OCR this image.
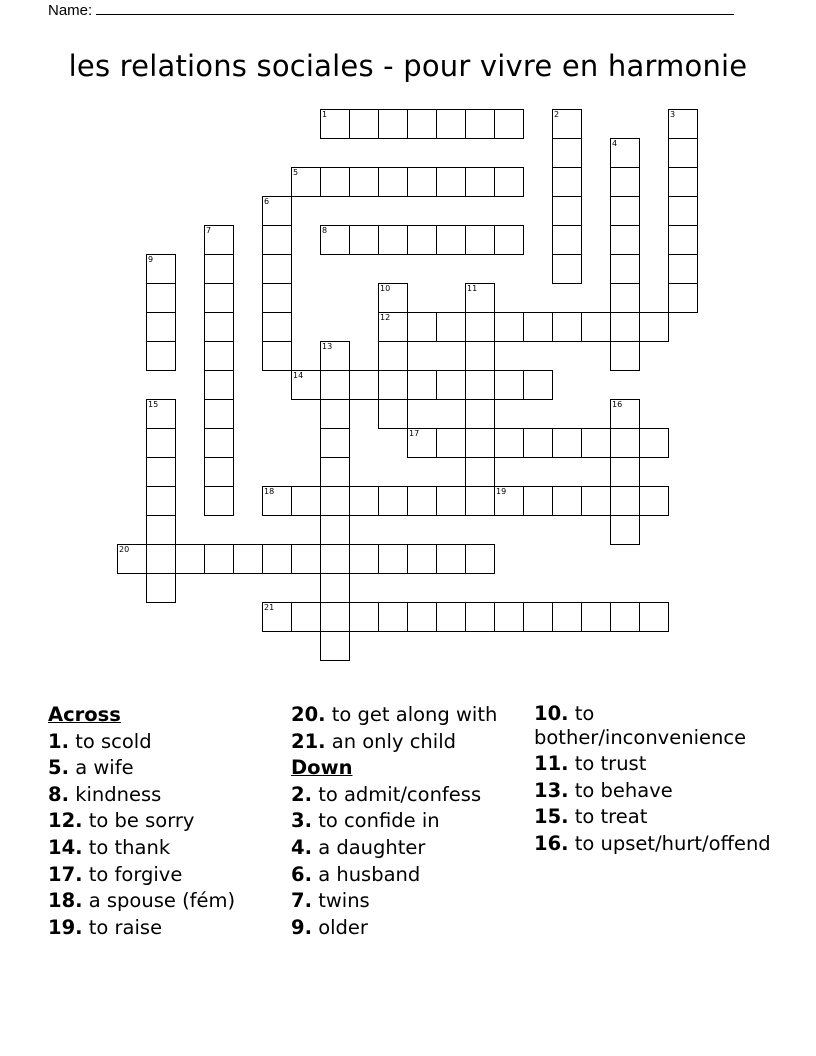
Name:
les relations sociales - pour vivre en harmonie
1
5
8
12
14
17
18	19
20
21
2	3
4
6
7
9
10	11
13
15	16
Across
1. to scold
5. a wife
8. kindness
12. to be sorry
14. to thank
17. to forgive
18. a spouse (fém)
19. to raise
20. to get along with
21. an only child
Down
2. to admit/confess
3. to confide in
4. a daughter
6. a husband
7. twins
9. older
10. to bother/inconvenience
11. to trust
13. to behave
15. to treat
16. to upset/hurt/offend
